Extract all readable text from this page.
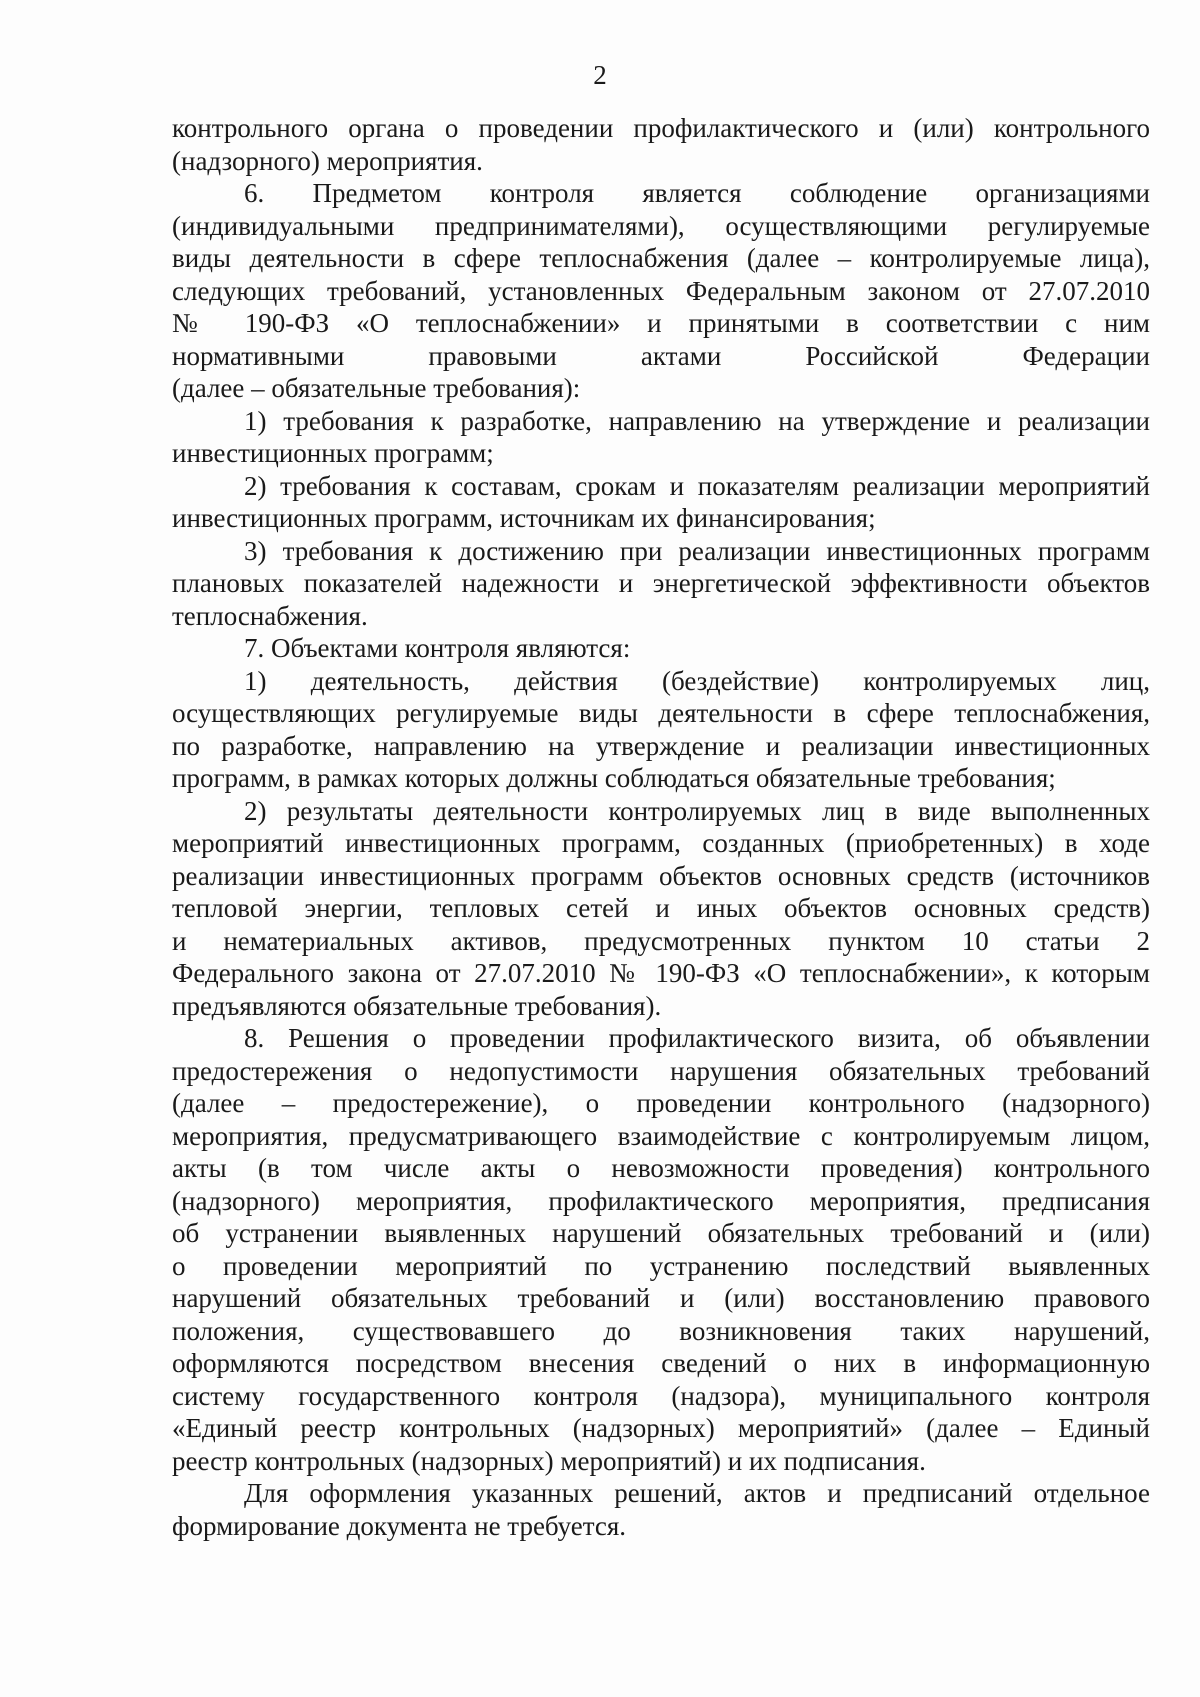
2
контрольного органа о проведении профилактического и (или) контрольного
(надзорного) мероприятия.
6. Предметом контроля является соблюдение организациями
(индивидуальными предпринимателями), осуществляющими регулируемые
виды деятельности в сфере теплоснабжения (далее – контролируемые лица),
следующих требований, установленных Федеральным законом от 27.07.2010
№ 190-ФЗ «О теплоснабжении» и принятыми в соответствии с ним
нормативными правовыми актами Российской Федерации
(далее – обязательные требования):
1) требования к разработке, направлению на утверждение и реализации
инвестиционных программ;
2) требования к составам, срокам и показателям реализации мероприятий
инвестиционных программ, источникам их финансирования;
3) требования к достижению при реализации инвестиционных программ
плановых показателей надежности и энергетической эффективности объектов
теплоснабжения.
7. Объектами контроля являются:
1) деятельность, действия (бездействие) контролируемых лиц,
осуществляющих регулируемые виды деятельности в сфере теплоснабжения,
по разработке, направлению на утверждение и реализации инвестиционных
программ, в рамках которых должны соблюдаться обязательные требования;
2) результаты деятельности контролируемых лиц в виде выполненных
мероприятий инвестиционных программ, созданных (приобретенных) в ходе
реализации инвестиционных программ объектов основных средств (источников
тепловой энергии, тепловых сетей и иных объектов основных средств)
и нематериальных активов, предусмотренных пунктом 10 статьи 2
Федерального закона от 27.07.2010 № 190-ФЗ «О теплоснабжении», к которым
предъявляются обязательные требования).
8. Решения о проведении профилактического визита, об объявлении
предостережения о недопустимости нарушения обязательных требований
(далее – предостережение), о проведении контрольного (надзорного)
мероприятия, предусматривающего взаимодействие с контролируемым лицом,
акты (в том числе акты о невозможности проведения) контрольного
(надзорного) мероприятия, профилактического мероприятия, предписания
об устранении выявленных нарушений обязательных требований и (или)
о проведении мероприятий по устранению последствий выявленных
нарушений обязательных требований и (или) восстановлению правового
положения, существовавшего до возникновения таких нарушений,
оформляются посредством внесения сведений о них в информационную
систему государственного контроля (надзора), муниципального контроля
«Единый реестр контрольных (надзорных) мероприятий» (далее – Единый
реестр контрольных (надзорных) мероприятий) и их подписания.
Для оформления указанных решений, актов и предписаний отдельное
формирование документа не требуется.
